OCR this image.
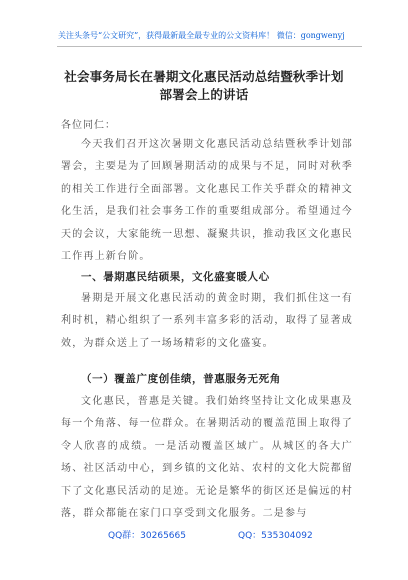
关注头条号“公文研究”，获得最新最全最专业的公文资料库！ 微信：gongwenyj
社会事务局长在暑期文化惠民活动总结暨秋季计划部署会上的讲话
各位同仁：

今天我们召开这次暑期文化惠民活动总结暨秋季计划部署会，主要是为了回顾暑期活动的成果与不足，同时对秋季的相关工作进行全面部署。文化惠民工作关乎群众的精神文化生活，是我们社会事务工作的重要组成部分。希望通过今天的会议，大家能统一思想、凝聚共识，推动我区文化惠民工作再上新台阶。

一、暑期惠民结硕果，文化盛宴暖人心

暑期是开展文化惠民活动的黄金时期，我们抓住这一有利时机，精心组织了一系列丰富多彩的活动，取得了显著成效，为群众送上了一场场精彩的文化盛宴。

（一）覆盖广度创佳绩，普惠服务无死角

文化惠民，普惠是关键。我们始终坚持让文化成果惠及每一个角落、每一位群众。在暑期活动的覆盖范围上取得了令人欣喜的成绩。一是活动覆盖区域广。从城区的各大广场、社区活动中心，到乡镇的文化站、农村的文化大院都留下了文化惠民活动的足迹。无论是繁华的街区还是偏远的村落，群众都能在家门口享受到文化服务。二是参与

QQ群：30265665	QQ：535304092
